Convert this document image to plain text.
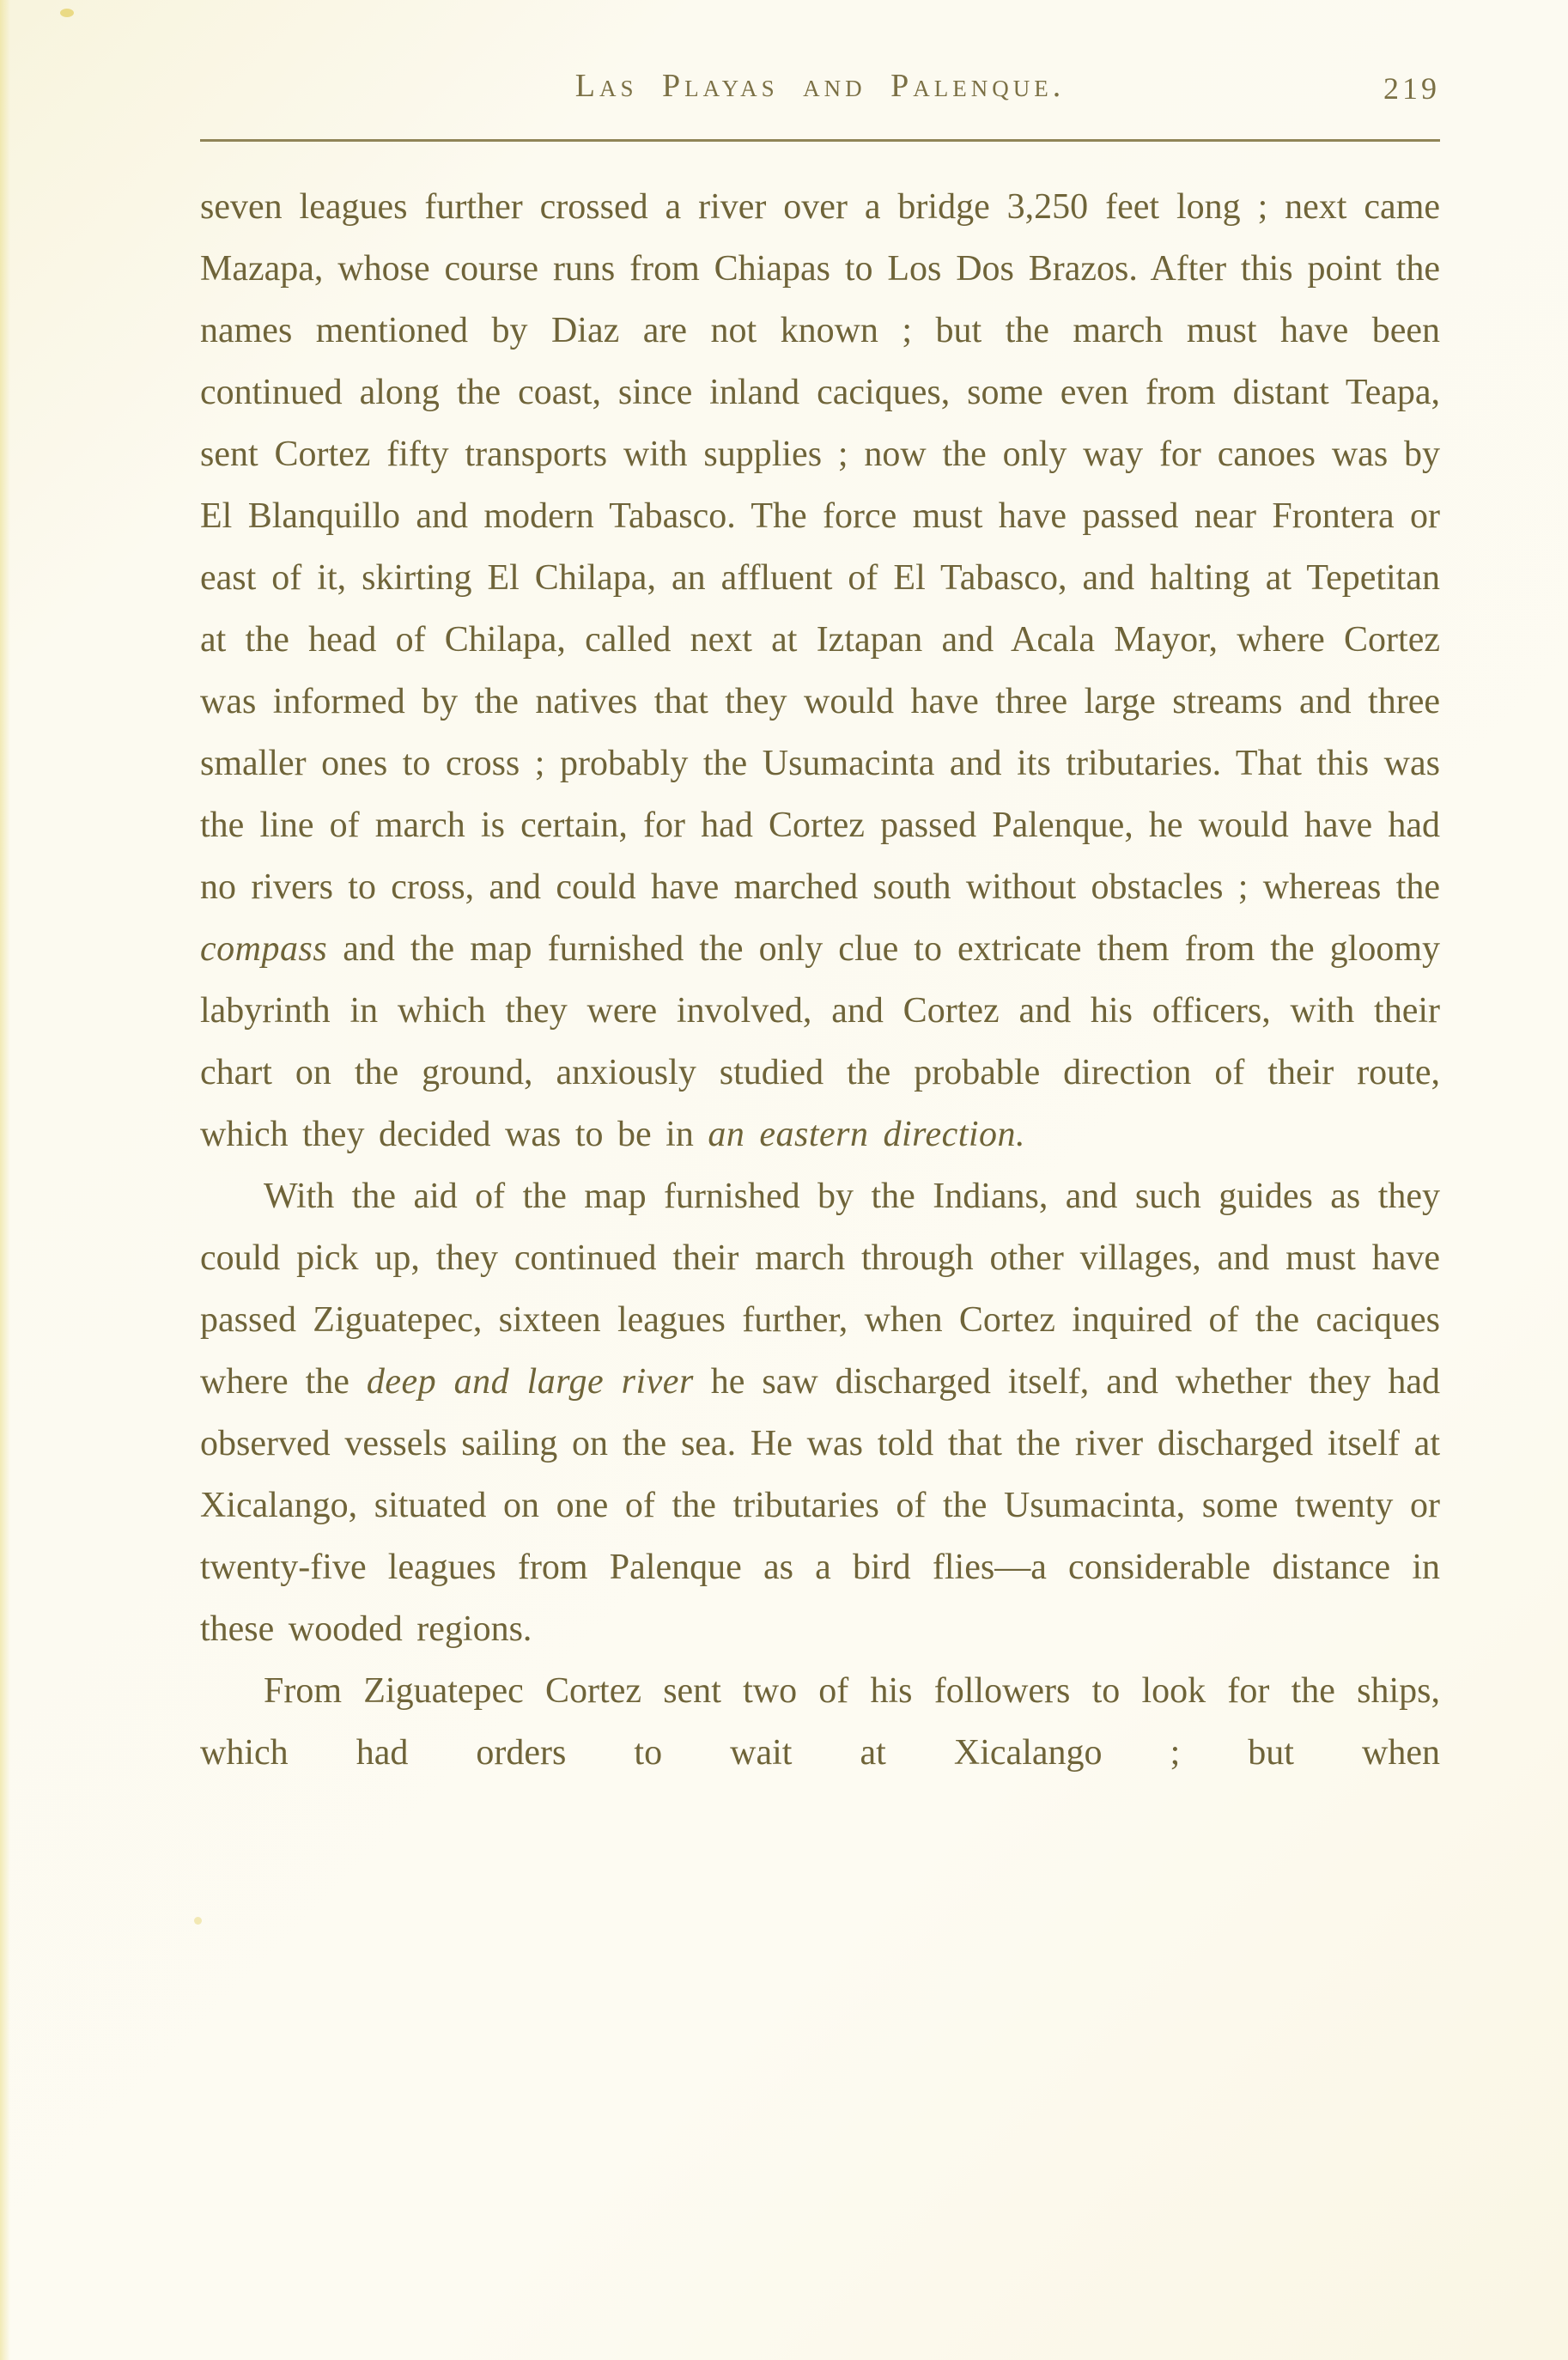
Las Playas and Palenque.	219

seven leagues further crossed a river over a bridge 3,250 feet long ; next came Mazapa, whose course runs from Chiapas to Los Dos Brazos. After this point the names mentioned by Diaz are not known ; but the march must have been continued along the coast, since inland caciques, some even from distant Teapa, sent Cortez fifty transports with supplies ; now the only way for canoes was by El Blanquillo and modern Tabasco. The force must have passed near Frontera or east of it, skirting El Chilapa, an affluent of El Tabasco, and halting at Tepetitan at the head of Chilapa, called next at Iztapan and Acala Mayor, where Cortez was informed by the natives that they would have three large streams and three smaller ones to cross ; probably the Usumacinta and its tributaries. That this was the line of march is certain, for had Cortez passed Palenque, he would have had no rivers to cross, and could have marched south without obstacles ; whereas the compass and the map furnished the only clue to extricate them from the gloomy labyrinth in which they were involved, and Cortez and his officers, with their chart on the ground, anxiously studied the probable direction of their route, which they decided was to be in an eastern direction.

With the aid of the map furnished by the Indians, and such guides as they could pick up, they continued their march through other villages, and must have passed Ziguatepec, sixteen leagues further, when Cortez inquired of the caciques where the deep and large river he saw discharged itself, and whether they had observed vessels sailing on the sea. He was told that the river discharged itself at Xicalango, situated on one of the tributaries of the Usumacinta, some twenty or twenty-five leagues from Palenque as a bird flies—a considerable distance in these wooded regions.

From Ziguatepec Cortez sent two of his followers to look for the ships, which had orders to wait at Xicalango ; but when
